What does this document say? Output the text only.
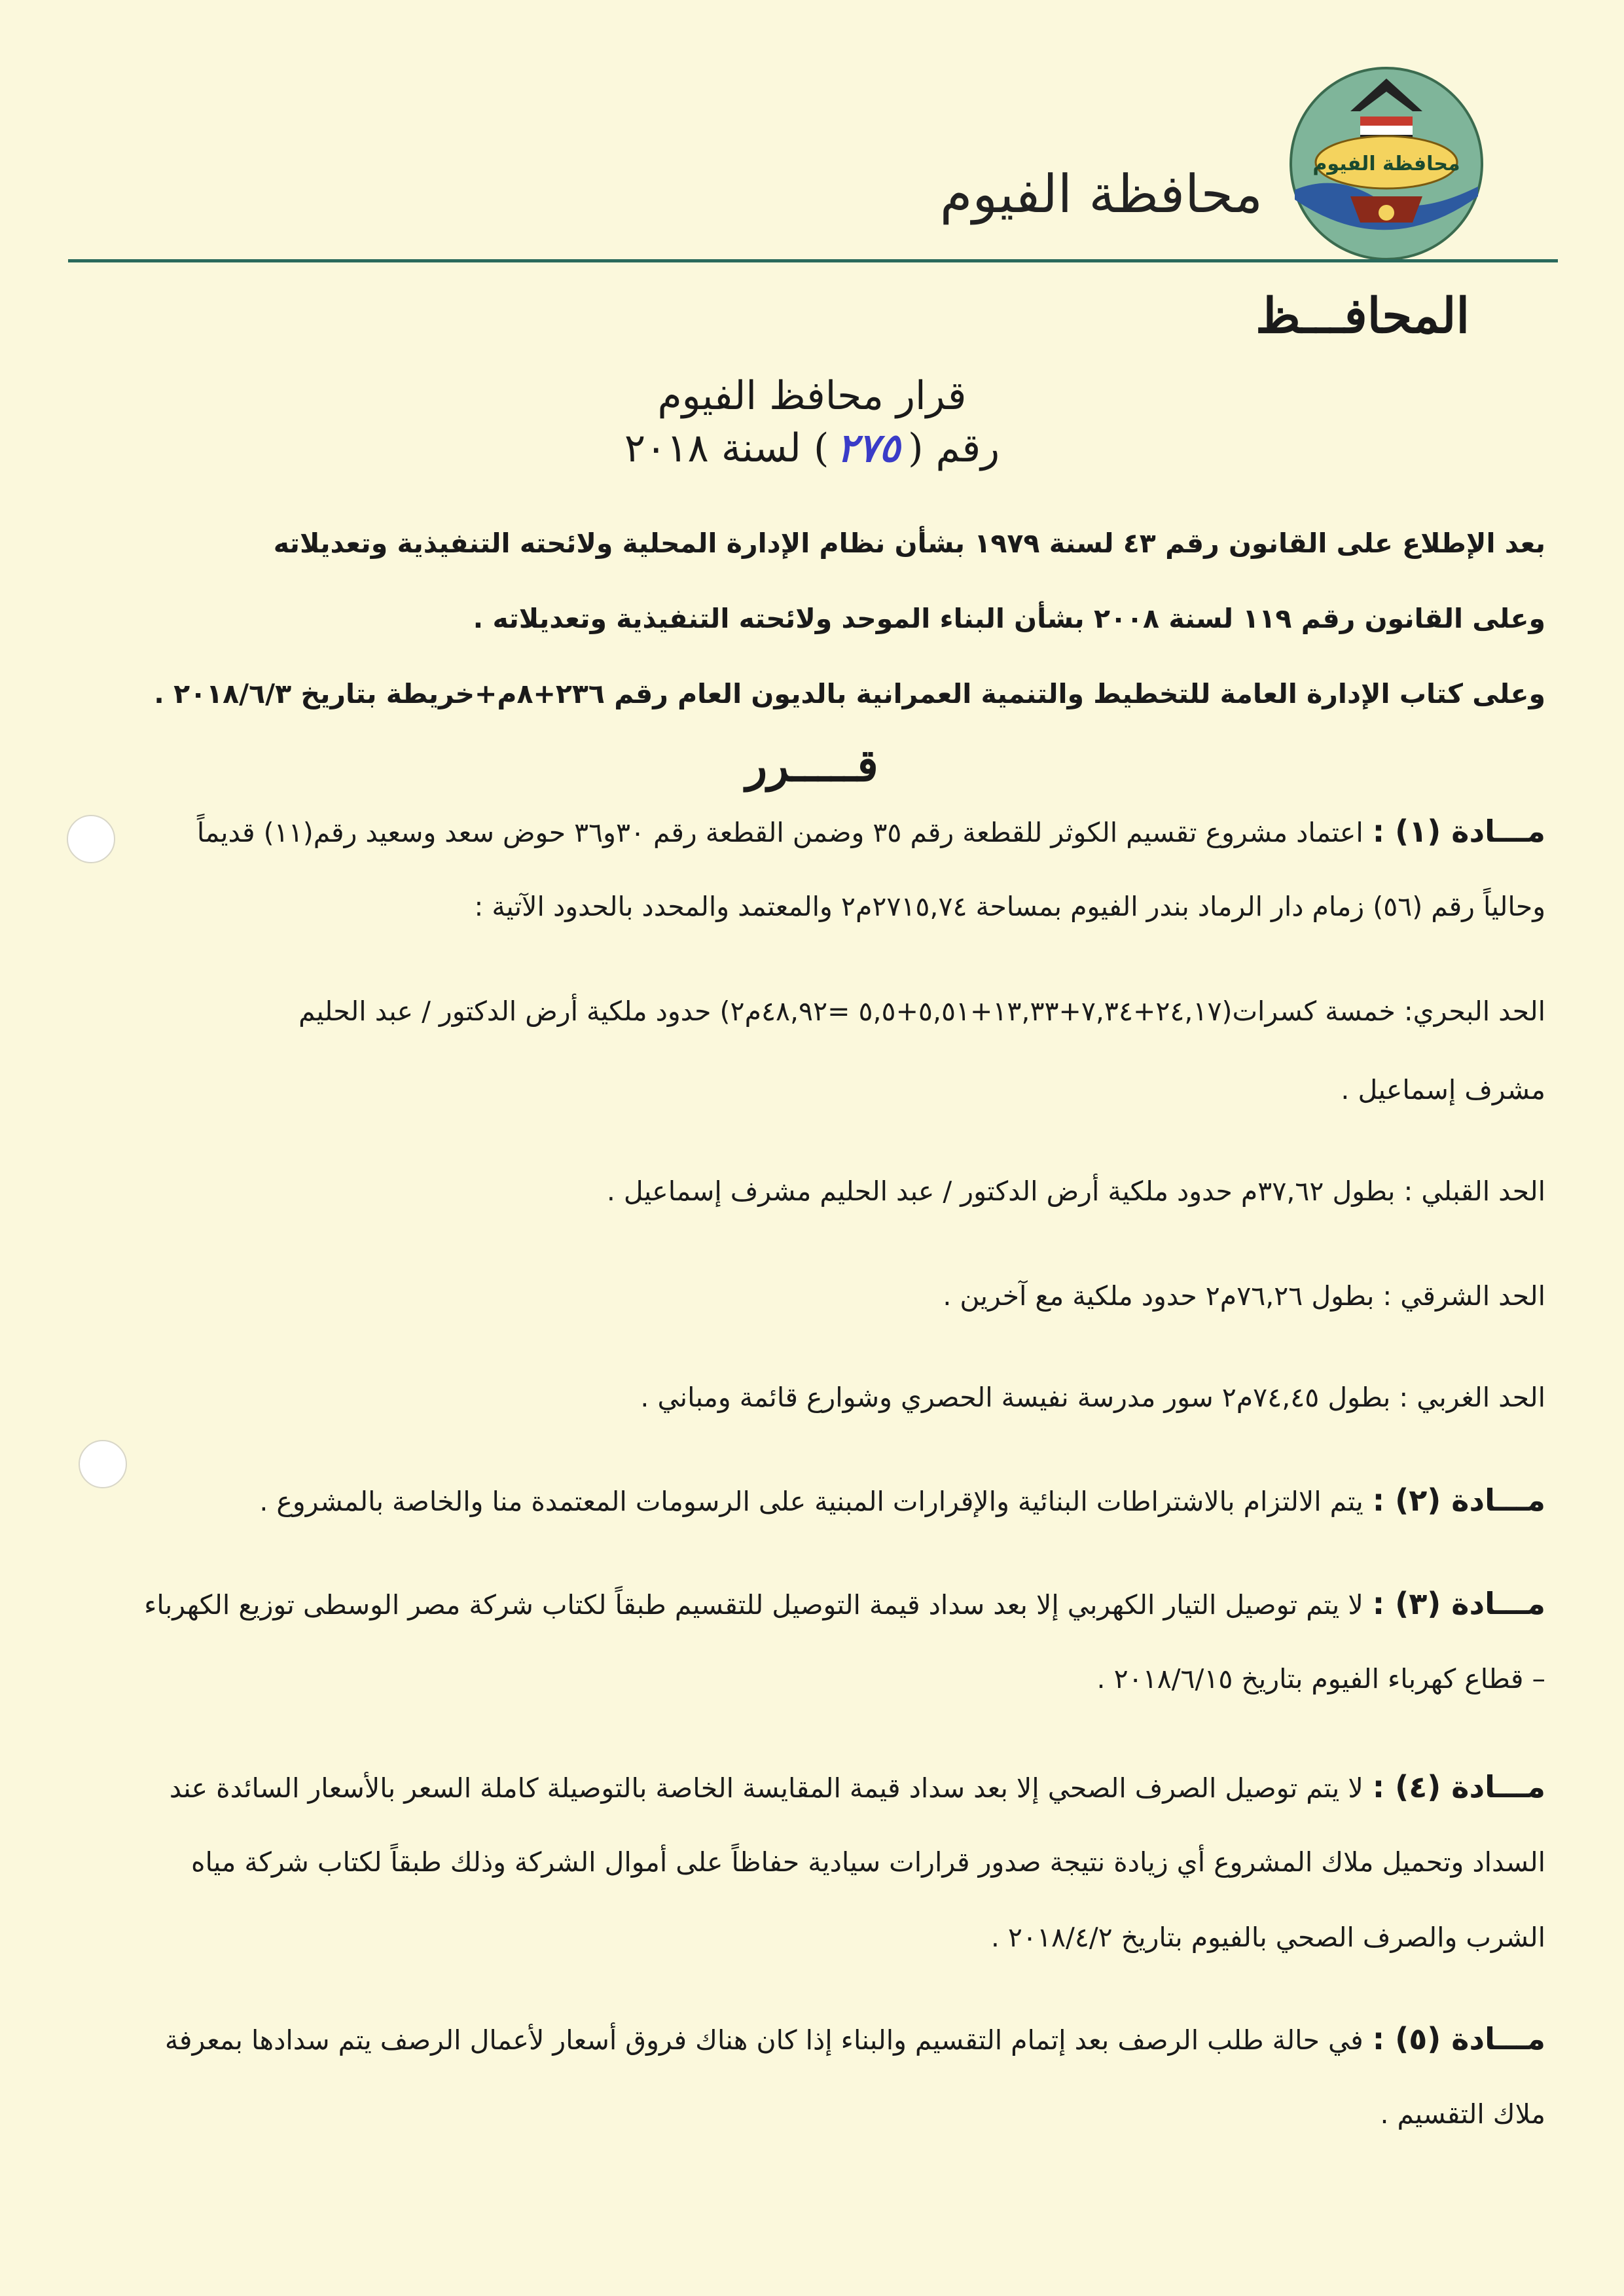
محافظة الفيوم
محافظة الفيوم
المحافـــظ
قرار محافظ الفيوم
رقم (٢٧٥) لسنة ٢٠١٨
بعد الإطلاع على القانون رقم ٤٣ لسنة ١٩٧٩ بشأن نظام الإدارة المحلية ولائحته التنفيذية وتعديلاته
وعلى القانون رقم ١١٩ لسنة ٢٠٠٨ بشأن البناء الموحد ولائحته التنفيذية وتعديلاته .
وعلى كتاب الإدارة العامة للتخطيط والتنمية العمرانية بالديون العام رقم ٢٣٦+٨م+خريطة بتاريخ ٢٠١٨/٦/٣ .
قـــــرر
مـــادة (١) :اعتماد مشروع تقسيم الكوثر للقطعة رقم ٣٥ وضمن القطعة رقم ٣٠و٣٦ حوض سعد وسعيد رقم(١١) قديماً
وحالياً رقم (٥٦) زمام دار الرماد بندر الفيوم بمساحة ٢٧١٥,٧٤م٢ والمعتمد والمحدد بالحدود الآتية :
الحد البحري: خمسة كسرات(٢٤,١٧+٧,٣٤+١٣,٣٣+٥,٥١+٥,٥ =٤٨,٩٢م٢) حدود ملكية أرض الدكتور / عبد الحليم
مشرف إسماعيل .
الحد القبلي : بطول ٣٧,٦٢م حدود ملكية أرض الدكتور / عبد الحليم مشرف إسماعيل .
الحد الشرقي : بطول ٧٦,٢٦م٢ حدود ملكية مع آخرين .
الحد الغربي : بطول ٧٤,٤٥م٢ سور مدرسة نفيسة الحصري وشوارع قائمة ومباني .
مـــادة (٢) :يتم الالتزام بالاشتراطات البنائية والإقرارات المبنية على الرسومات المعتمدة منا والخاصة بالمشروع .
مـــادة (٣) :لا يتم توصيل التيار الكهربي إلا بعد سداد قيمة التوصيل للتقسيم طبقاً لكتاب شركة مصر الوسطى توزيع الكهرباء
– قطاع كهرباء الفيوم بتاريخ ٢٠١٨/٦/١٥ .
مـــادة (٤) :لا يتم توصيل الصرف الصحي إلا بعد سداد قيمة المقايسة الخاصة بالتوصيلة كاملة السعر بالأسعار السائدة عند
السداد وتحميل ملاك المشروع أي زيادة نتيجة صدور قرارات سيادية حفاظاً على أموال الشركة وذلك طبقاً لكتاب شركة مياه
الشرب والصرف الصحي بالفيوم بتاريخ ٢٠١٨/٤/٢ .
مـــادة (٥) :في حالة طلب الرصف بعد إتمام التقسيم والبناء إذا كان هناك فروق أسعار لأعمال الرصف يتم سدادها بمعرفة
ملاك التقسيم .
